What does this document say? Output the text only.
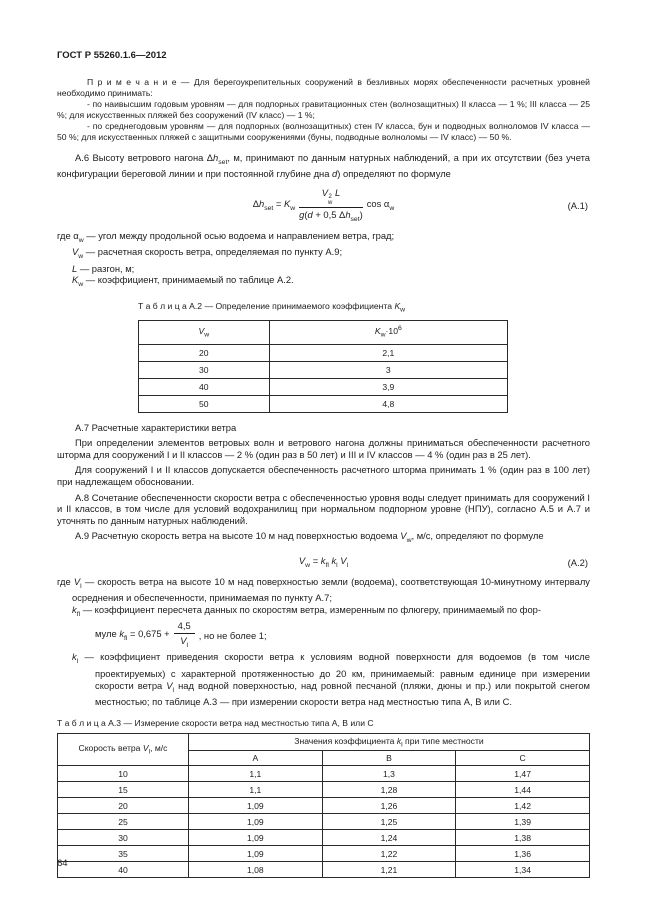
ГОСТ Р 55260.1.6—2012

П р и м е ч а н и е — Для берегоукрепительных сооружений в безливных морях обеспеченности расчетных уровней необходимо принимать:

- по наивысшим годовым уровням — для подпорных гравитационных стен (волнозащитных) II класса — 1 %; III класса — 25 %; для искусственных пляжей без сооружений (IV класс) — 1 %;

- по среднегодовым уровням — для подпорных (волнозащитных) стен IV класса, бун и подводных волноломов IV класса — 50 %; для искусственных пляжей с защитными сооружениями (буны, подводные волноломы — IV класс) — 50 %.

А.6 Высоту ветрового нагона $\Delta h_{set}$, м, принимают по данным натурных наблюдений, а при их отсутствии (без учета конфигурации береговой линии и при постоянной глубине дна d) определяют по формуле

$\Delta h_{set} = K_w$ V 2
w
L
g(d + 0,5 $\Delta h_{set}$) $\cos \alpha_w$	(А.1)
где $\alpha_w$ — угол между продольной осью водоема и направлением ветра, град;
$V_w$ — расчетная скорость ветра, определяемая по пункту А.9;
L — разгон, м;
$K_w$ — коэффициент, принимаемый по таблице А.2.
Т а б л и ц а А.2 — Определение принимаемого коэффициента $K_w$
$V_w$	$K_w\cdot 10^6$
20	2,1
30	3
40	3,9
50	4,8

А.7 Расчетные характеристики ветра

При определении элементов ветровых волн и ветрового нагона должны приниматься обеспеченности расчетного шторма для сооружений I и II классов — 2 % (один раз в 50 лет) и III и IV классов — 4 % (один раз в 25 лет).

Для сооружений I и II классов допускается обеспеченность расчетного шторма принимать 1 % (один раз в 100 лет) при надлежащем обосновании.

А.8 Сочетание обеспеченности скорости ветра с обеспеченностью уровня воды следует принимать для сооружений I и II классов, в том числе для условий водохранилищ при нормальном подпорном уровне (НПУ), согласно А.5 и А.7 и уточнять по данным натурных наблюдений.

А.9 Расчетную скорость ветра на высоте 10 м над поверхностью водоема $V_w$, м/с, определяют по формуле

$V_w = k_{fl}$ $k_l$ $V_l$	(А.2)
где $V_l$ — скорость ветра на высоте 10 м над поверхностью земли (водоема), соответствующая 10-минутному интервалу осреднения и обеспеченности, принимаемая по пункту А.7;
$k_{fl}$ — коэффициент пересчета данных по скоростям ветра, измеренным по флюгеру, принимаемый по фор-
муле $k_{fl} = 0,675 + \frac{4,5}{V_l}$ , но не более 1;
$k_l$ — коэффициент приведения скорости ветра к условиям водной поверхности для водоемов (в том числе проектируемых) с характерной протяженностью до 20 км, принимаемый: равным единице при измерении скорости ветра $V_l$ над водной поверхностью, над ровной песчаной (пляжи, дюны и пр.) или покрытой снегом местностью; по таблице А.3 — при измерении скорости ветра над местностью типа А, В или С.
Т а б л и ц а А.3 — Измерение скорости ветра над местностью типа А, В или С
Скорость ветра $V_l$, м/с	Значения коэффициента $k_l$ при типе местности		
	А	В	С
10	1,1	1,3	1,47
15	1,1	1,28	1,44
20	1,09	1,26	1,42
25	1,09	1,25	1,39
30	1,09	1,24	1,38
35	1,09	1,22	1,36
40	1,08	1,21	1,34
64
